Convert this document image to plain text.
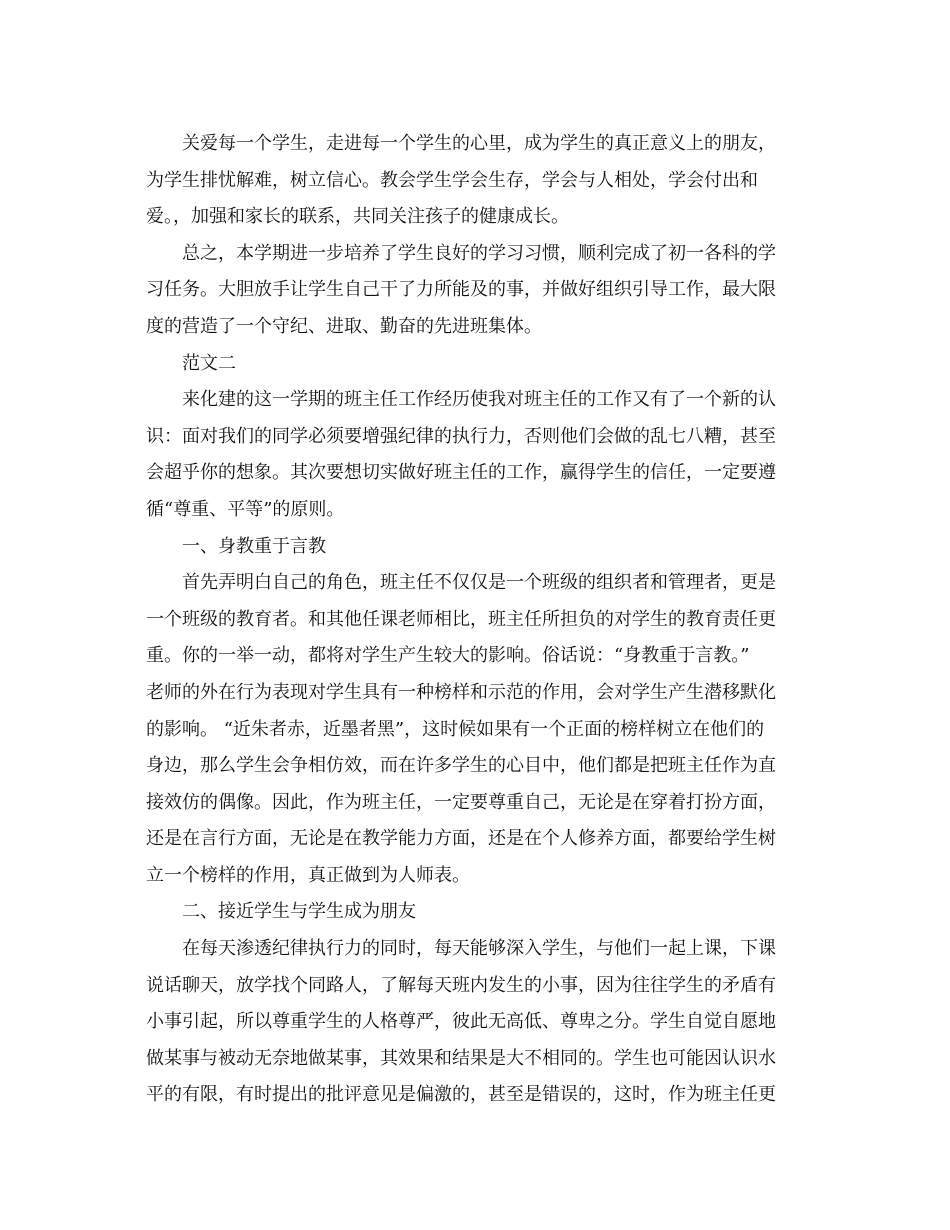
关爱每一个学生，走进每一个学生的心里，成为学生的真正意义上的朋友，
为学生排忧解难，树立信心。教会学生学会生存，学会与人相处，学会付出和
爱。，加强和家长的联系，共同关注孩子的健康成长。
总之，本学期进一步培养了学生良好的学习习惯，顺利完成了初一各科的学
习任务。大胆放手让学生自己干了力所能及的事，并做好组织引导工作，最大限
度的营造了一个守纪、进取、勤奋的先进班集体。
范文二
来化建的这一学期的班主任工作经历使我对班主任的工作又有了一个新的认
识：面对我们的同学必须要增强纪律的执行力，否则他们会做的乱七八糟，甚至
会超乎你的想象。其次要想切实做好班主任的工作，赢得学生的信任，一定要遵
循“尊重、平等”的原则。
一、身教重于言教
首先弄明白自己的角色，班主任不仅仅是一个班级的组织者和管理者，更是
一个班级的教育者。和其他任课老师相比，班主任所担负的对学生的教育责任更
重。你的一举一动，都将对学生产生较大的影响。俗话说：“身教重于言教。”
老师的外在行为表现对学生具有一种榜样和示范的作用，会对学生产生潜移默化
的影响。 “近朱者赤，近墨者黑”，这时候如果有一个正面的榜样树立在他们的
身边，那么学生会争相仿效，而在许多学生的心目中，他们都是把班主任作为直
接效仿的偶像。因此，作为班主任，一定要尊重自己，无论是在穿着打扮方面，
还是在言行方面，无论是在教学能力方面，还是在个人修养方面，都要给学生树
立一个榜样的作用，真正做到为人师表。
二、接近学生与学生成为朋友
在每天渗透纪律执行力的同时，每天能够深入学生，与他们一起上课，下课
说话聊天，放学找个同路人，了解每天班内发生的小事，因为往往学生的矛盾有
小事引起，所以尊重学生的人格尊严，彼此无高低、尊卑之分。学生自觉自愿地
做某事与被动无奈地做某事，其效果和结果是大不相同的。学生也可能因认识水
平的有限，有时提出的批评意见是偏激的，甚至是错误的，这时，作为班主任更
